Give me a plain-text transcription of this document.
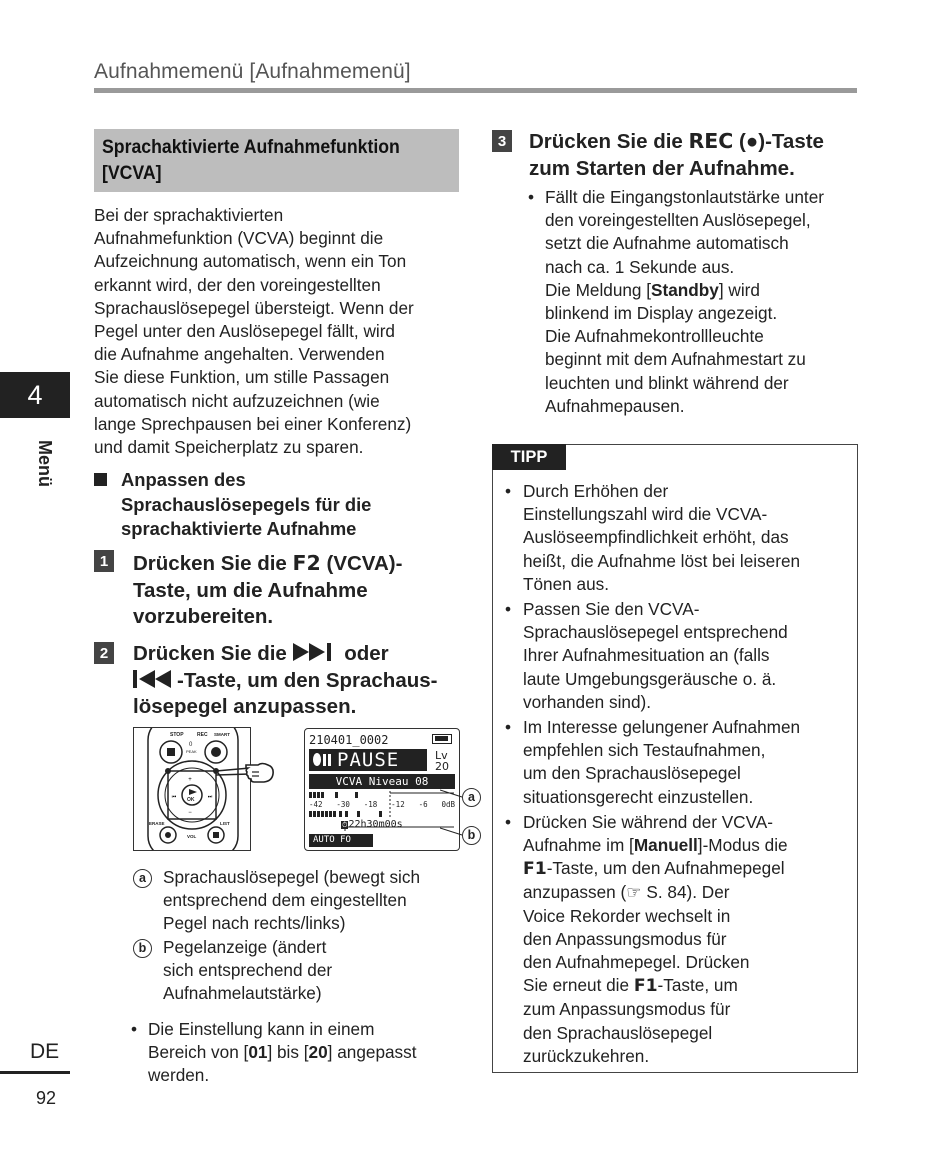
Aufnahmemenü [Aufnahmemenü]
4
Menü
DE
92
Sprachaktivierte Aufnahmefunktion
[VCVA]
Bei der sprachaktivierten
Aufnahmefunktion (VCVA) beginnt die
Aufzeichnung automatisch, wenn ein Ton
erkannt wird, der den voreingestellten
Sprachauslösepegel übersteigt. Wenn der
Pegel unter den Auslösepegel fällt, wird
die Aufnahme angehalten. Verwenden
Sie diese Funktion, um stille Passagen
automatisch nicht aufzuzeichnen (wie
lange Sprechpausen bei einer Konferenz)
und damit Speicherplatz zu sparen.
Anpassen des
Sprachauslösepegels für die
sprachaktivierte Aufnahme
1 Drücken Sie die F2 (VCVA)-
Taste, um die Aufnahme
vorzubereiten.
2 Drücken Sie die  oder
-Taste, um den Sprachaus-
lösepegel anzupassen.
+
−
⏮	⏭
STOP	REC SMART
0
PEAK
OK
ERASE
VOL
LIST
210401_0002
PAUSE	Lv
20
VCVA Niveau 08
-42 -30 -18 -12 -6 0dB
⏱22h30m00s
AUTO FO
a
b
a Sprachauslösepegel (bewegt sich
entsprechend dem eingestellten
Pegel nach rechts/links)
b Pegelanzeige (ändert
sich entsprechend der
Aufnahmelautstärke)
• Die Einstellung kann in einem
Bereich von [01] bis [20] angepasst
werden.
3 Drücken Sie die REC (●)-Taste
zum Starten der Aufnahme.
• Fällt die Eingangstonlautstärke unter
den voreingestellten Auslösepegel,
setzt die Aufnahme automatisch
nach ca. 1 Sekunde aus.
Die Meldung [Standby] wird
blinkend im Display angezeigt.
Die Aufnahmekontrollleuchte
beginnt mit dem Aufnahmestart zu
leuchten und blinkt während der
Aufnahmepausen.
TIPP
• Durch Erhöhen der
Einstellungszahl wird die VCVA-
Auslöseempfindlichkeit erhöht, das
heißt, die Aufnahme löst bei leiseren
Tönen aus.
• Passen Sie den VCVA-
Sprachauslösepegel entsprechend
Ihrer Aufnahmesituation an (falls
laute Umgebungsgeräusche o. ä.
vorhanden sind).
• Im Interesse gelungener Aufnahmen
empfehlen sich Testaufnahmen,
um den Sprachauslösepegel
situationsgerecht einzustellen.
• Drücken Sie während der VCVA-
Aufnahme im [Manuell]-Modus die
F1-Taste, um den Aufnahmepegel
anzupassen (☞ S. 84). Der
Voice Rekorder wechselt in
den Anpassungsmodus für
den Aufnahmepegel. Drücken
Sie erneut die F1-Taste, um
zum Anpassungsmodus für
den Sprachauslösepegel
zurückzukehren.
